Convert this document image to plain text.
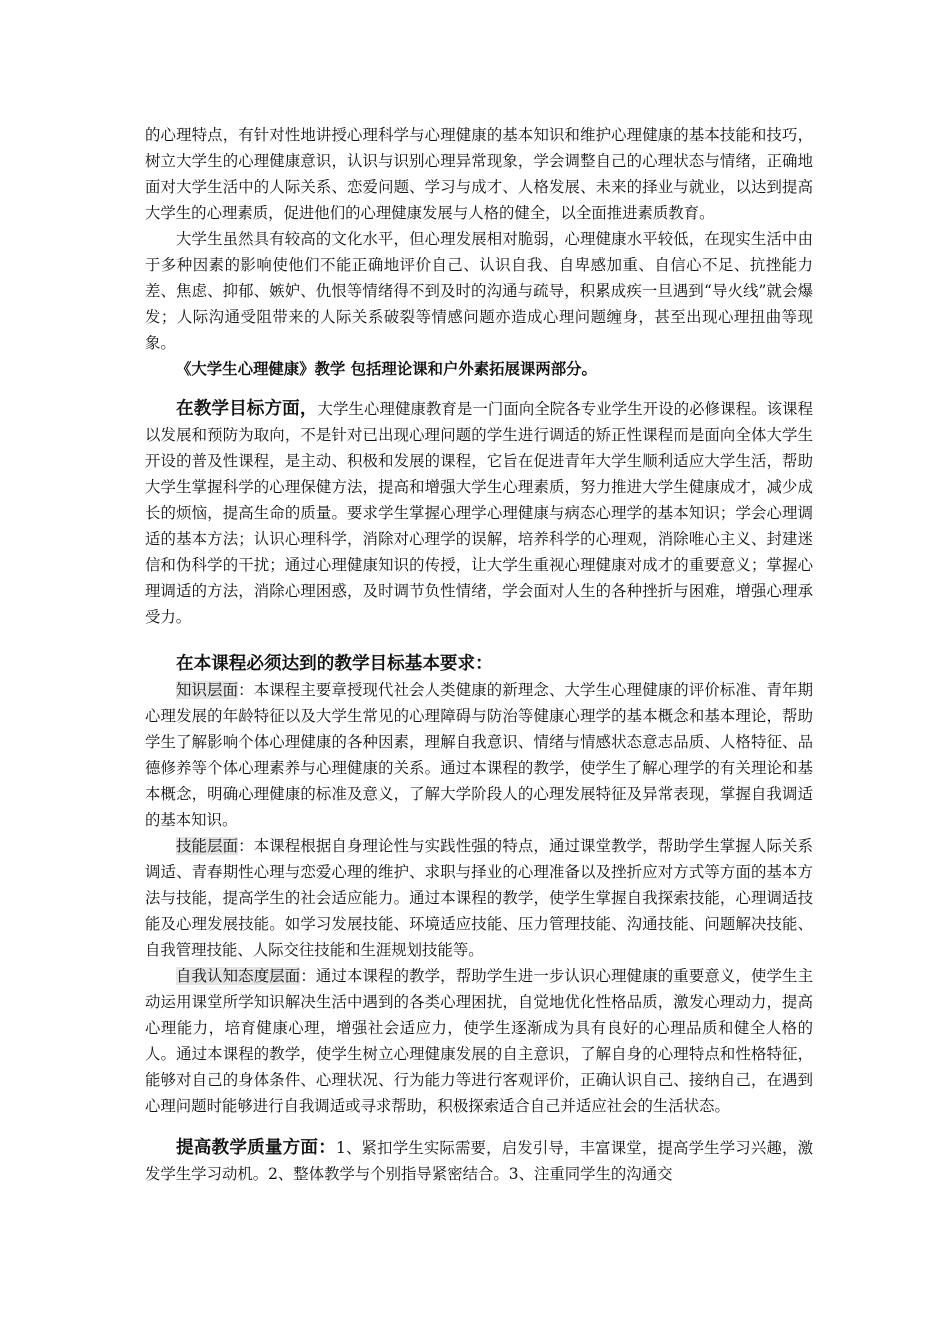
的心理特点，有针对性地讲授心理科学与心理健康的基本知识和维护心理健康的基本技能和技巧，树立大学生的心理健康意识，认识与识别心理异常现象，学会调整自己的心理状态与情绪，正确地面对大学生活中的人际关系、恋爱问题、学习与成才、人格发展、未来的择业与就业，以达到提高大学生的心理素质，促进他们的心理健康发展与人格的健全，以全面推进素质教育。

大学生虽然具有较高的文化水平，但心理发展相对脆弱，心理健康水平较低，在现实生活中由于多种因素的影响使他们不能正确地评价自己、认识自我、自卑感加重、自信心不足、抗挫能力差、焦虑、抑郁、嫉妒、仇恨等情绪得不到及时的沟通与疏导，积累成疾一旦遇到“导火线”就会爆发；人际沟通受阻带来的人际关系破裂等情感问题亦造成心理问题缠身，甚至出现心理扭曲等现象。

《大学生心理健康》教学 包括理论课和户外素拓展课两部分。

在教学目标方面，大学生心理健康教育是一门面向全院各专业学生开设的必修课程。该课程以发展和预防为取向，不是针对已出现心理问题的学生进行调适的矫正性课程而是面向全体大学生开设的普及性课程，是主动、积极和发展的课程，它旨在促进青年大学生顺利适应大学生活，帮助大学生掌握科学的心理保健方法，提高和增强大学生心理素质，努力推进大学生健康成才，减少成长的烦恼，提高生命的质量。要求学生掌握心理学心理健康与病态心理学的基本知识；学会心理调适的基本方法；认识心理科学，消除对心理学的误解，培养科学的心理观，消除唯心主义、封建迷信和伪科学的干扰；通过心理健康知识的传授，让大学生重视心理健康对成才的重要意义；掌握心理调适的方法，消除心理困惑，及时调节负性情绪，学会面对人生的各种挫折与困难，增强心理承受力。

在本课程必须达到的教学目标基本要求：

知识层面：本课程主要章授现代社会人类健康的新理念、大学生心理健康的评价标准、青年期心理发展的年龄特征以及大学生常见的心理障碍与防治等健康心理学的基本概念和基本理论，帮助学生了解影响个体心理健康的各种因素，理解自我意识、情绪与情感状态意志品质、人格特征、品德修养等个体心理素养与心理健康的关系。通过本课程的教学，使学生了解心理学的有关理论和基本概念，明确心理健康的标准及意义，了解大学阶段人的心理发展特征及异常表现，掌握自我调适的基本知识。

技能层面：本课程根据自身理论性与实践性强的特点，通过课堂教学，帮助学生掌握人际关系调适、青春期性心理与恋爱心理的维护、求职与择业的心理准备以及挫折应对方式等方面的基本方法与技能，提高学生的社会适应能力。通过本课程的教学，使学生掌握自我探索技能，心理调适技能及心理发展技能。如学习发展技能、环境适应技能、压力管理技能、沟通技能、问题解决技能、自我管理技能、人际交往技能和生涯规划技能等。

自我认知态度层面：通过本课程的教学，帮助学生进一步认识心理健康的重要意义，使学生主动运用课堂所学知识解决生活中遇到的各类心理困扰，自觉地优化性格品质，激发心理动力，提高心理能力，培育健康心理，增强社会适应力，使学生逐渐成为具有良好的心理品质和健全人格的人。通过本课程的教学，使学生树立心理健康发展的自主意识，了解自身的心理特点和性格特征，能够对自己的身体条件、心理状况、行为能力等进行客观评价，正确认识自己、接纳自己，在遇到心理问题时能够进行自我调适或寻求帮助，积极探索适合自己并适应社会的生活状态。

提高教学质量方面：1、紧扣学生实际需要，启发引导，丰富课堂，提高学生学习兴趣，激发学生学习动机。2、整体教学与个别指导紧密结合。3、注重同学生的沟通交
